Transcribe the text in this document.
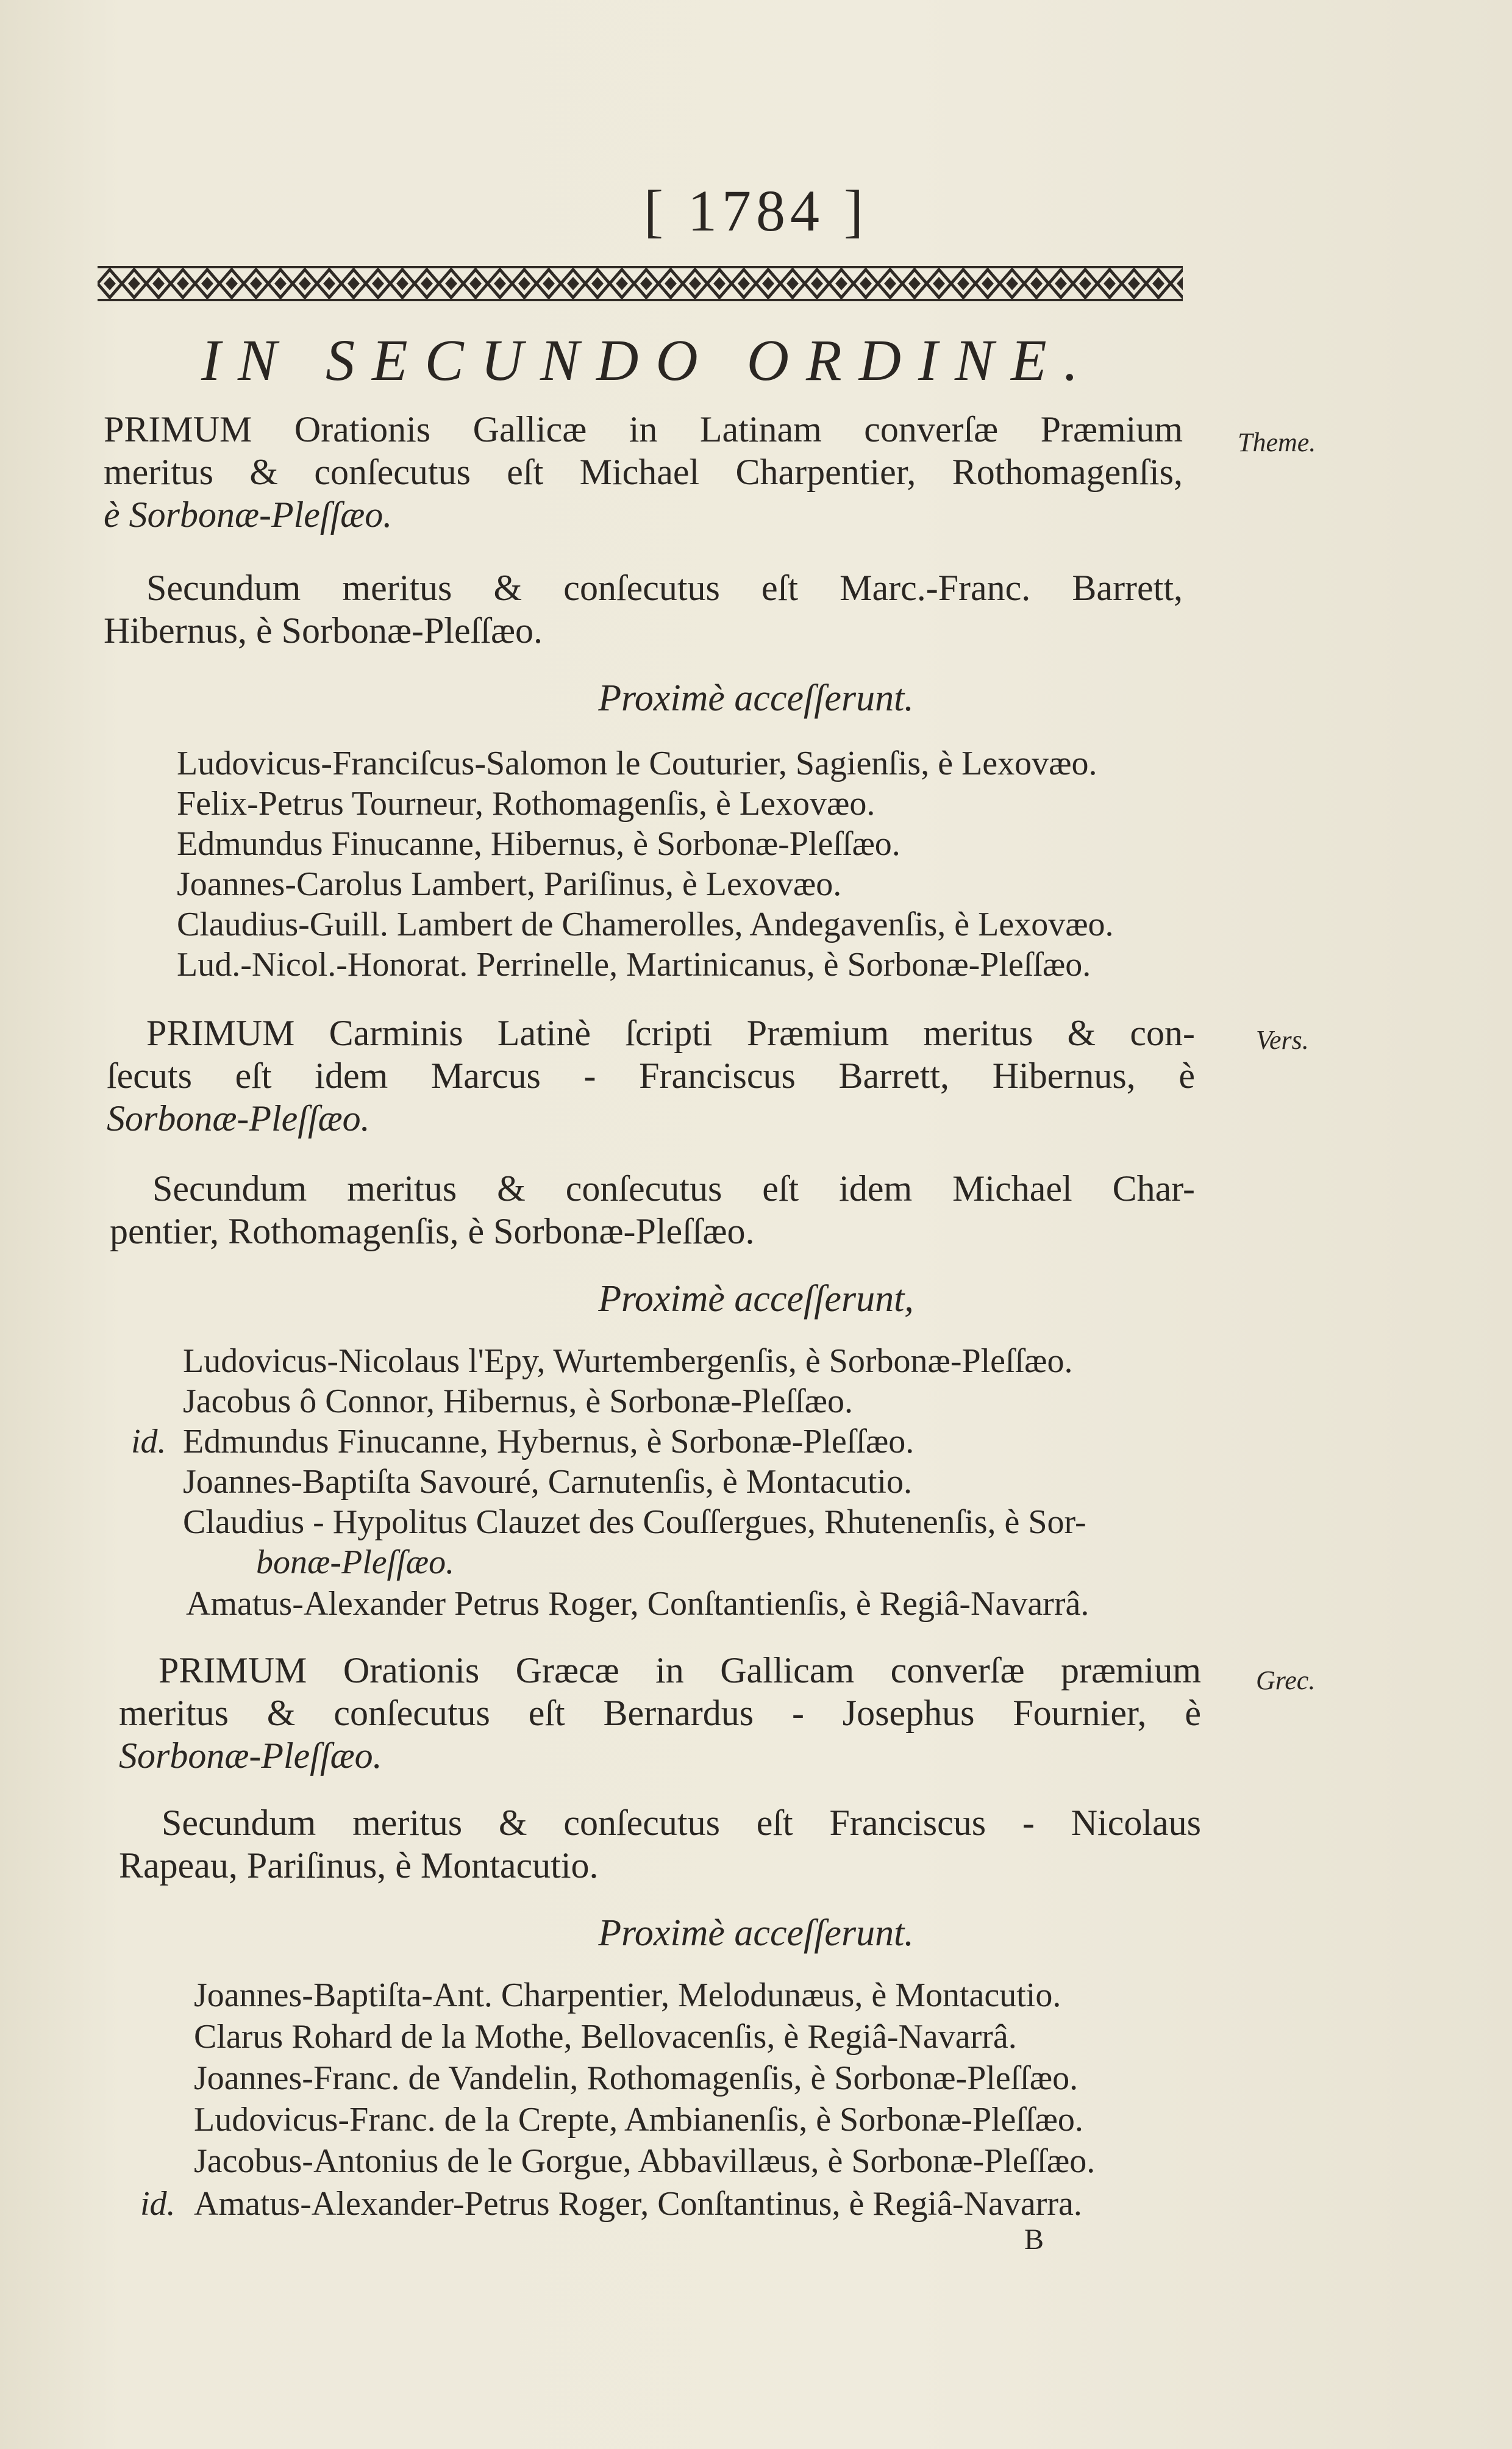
[ 1784 ]
IN SECUNDO ORDINE.
Theme.
PRIMUM Orationis Gallicæ in Latinam converſæ Præmium
meritus & conſecutus eſt Michael Charpentier, Rothomagenſis,
è Sorbonæ-Pleſſæo.
Secundum meritus & conſecutus eſt Marc.-Franc. Barrett,
Hibernus, è Sorbonæ-Pleſſæo.
Proximè acceſſerunt.
Ludovicus-Franciſcus-Salomon le Couturier, Sagienſis, è Lexovæo.
Felix-Petrus Tourneur, Rothomagenſis, è Lexovæo.
Edmundus Finucanne, Hibernus, è Sorbonæ-Pleſſæo.
Joannes-Carolus Lambert, Pariſinus, è Lexovæo.
Claudius-Guill. Lambert de Chamerolles, Andegavenſis, è Lexovæo.
Lud.-Nicol.-Honorat. Perrinelle, Martinicanus, è Sorbonæ-Pleſſæo.
Vers.
PRIMUM Carminis Latinè ſcripti Præmium meritus & con-
ſecuts eſt idem Marcus - Franciscus Barrett, Hibernus, è
Sorbonæ-Pleſſæo.
Secundum meritus & conſecutus eſt idem Michael Char-
pentier, Rothomagenſis, è Sorbonæ-Pleſſæo.
Proximè acceſſerunt,
Ludovicus-Nicolaus l'Epy, Wurtembergenſis, è Sorbonæ-Pleſſæo.
Jacobus ô Connor, Hibernus, è Sorbonæ-Pleſſæo.
id. Edmundus Finucanne, Hybernus, è Sorbonæ-Pleſſæo.
Joannes-Baptiſta Savouré, Carnutenſis, è Montacutio.
Claudius - Hypolitus Clauzet des Couſſergues, Rhutenenſis, è Sor-
bonæ-Pleſſæo.
Amatus-Alexander Petrus Roger, Conſtantienſis, è Regiâ-Navarrâ.
Grec.
PRIMUM Orationis Græcæ in Gallicam converſæ præmium
meritus & conſecutus eſt Bernardus - Josephus Fournier, è
Sorbonæ-Pleſſæo.
Secundum meritus & conſecutus eſt Franciscus - Nicolaus
Rapeau, Pariſinus, è Montacutio.
Proximè acceſſerunt.
Joannes-Baptiſta-Ant. Charpentier, Melodunæus, è Montacutio.
Clarus Rohard de la Mothe, Bellovacenſis, è Regiâ-Navarrâ.
Joannes-Franc. de Vandelin, Rothomagenſis, è Sorbonæ-Pleſſæo.
Ludovicus-Franc. de la Crepte, Ambianenſis, è Sorbonæ-Pleſſæo.
Jacobus-Antonius de le Gorgue, Abbavillæus, è Sorbonæ-Pleſſæo.
id. Amatus-Alexander-Petrus Roger, Conſtantinus, è Regiâ-Navarra.
B
